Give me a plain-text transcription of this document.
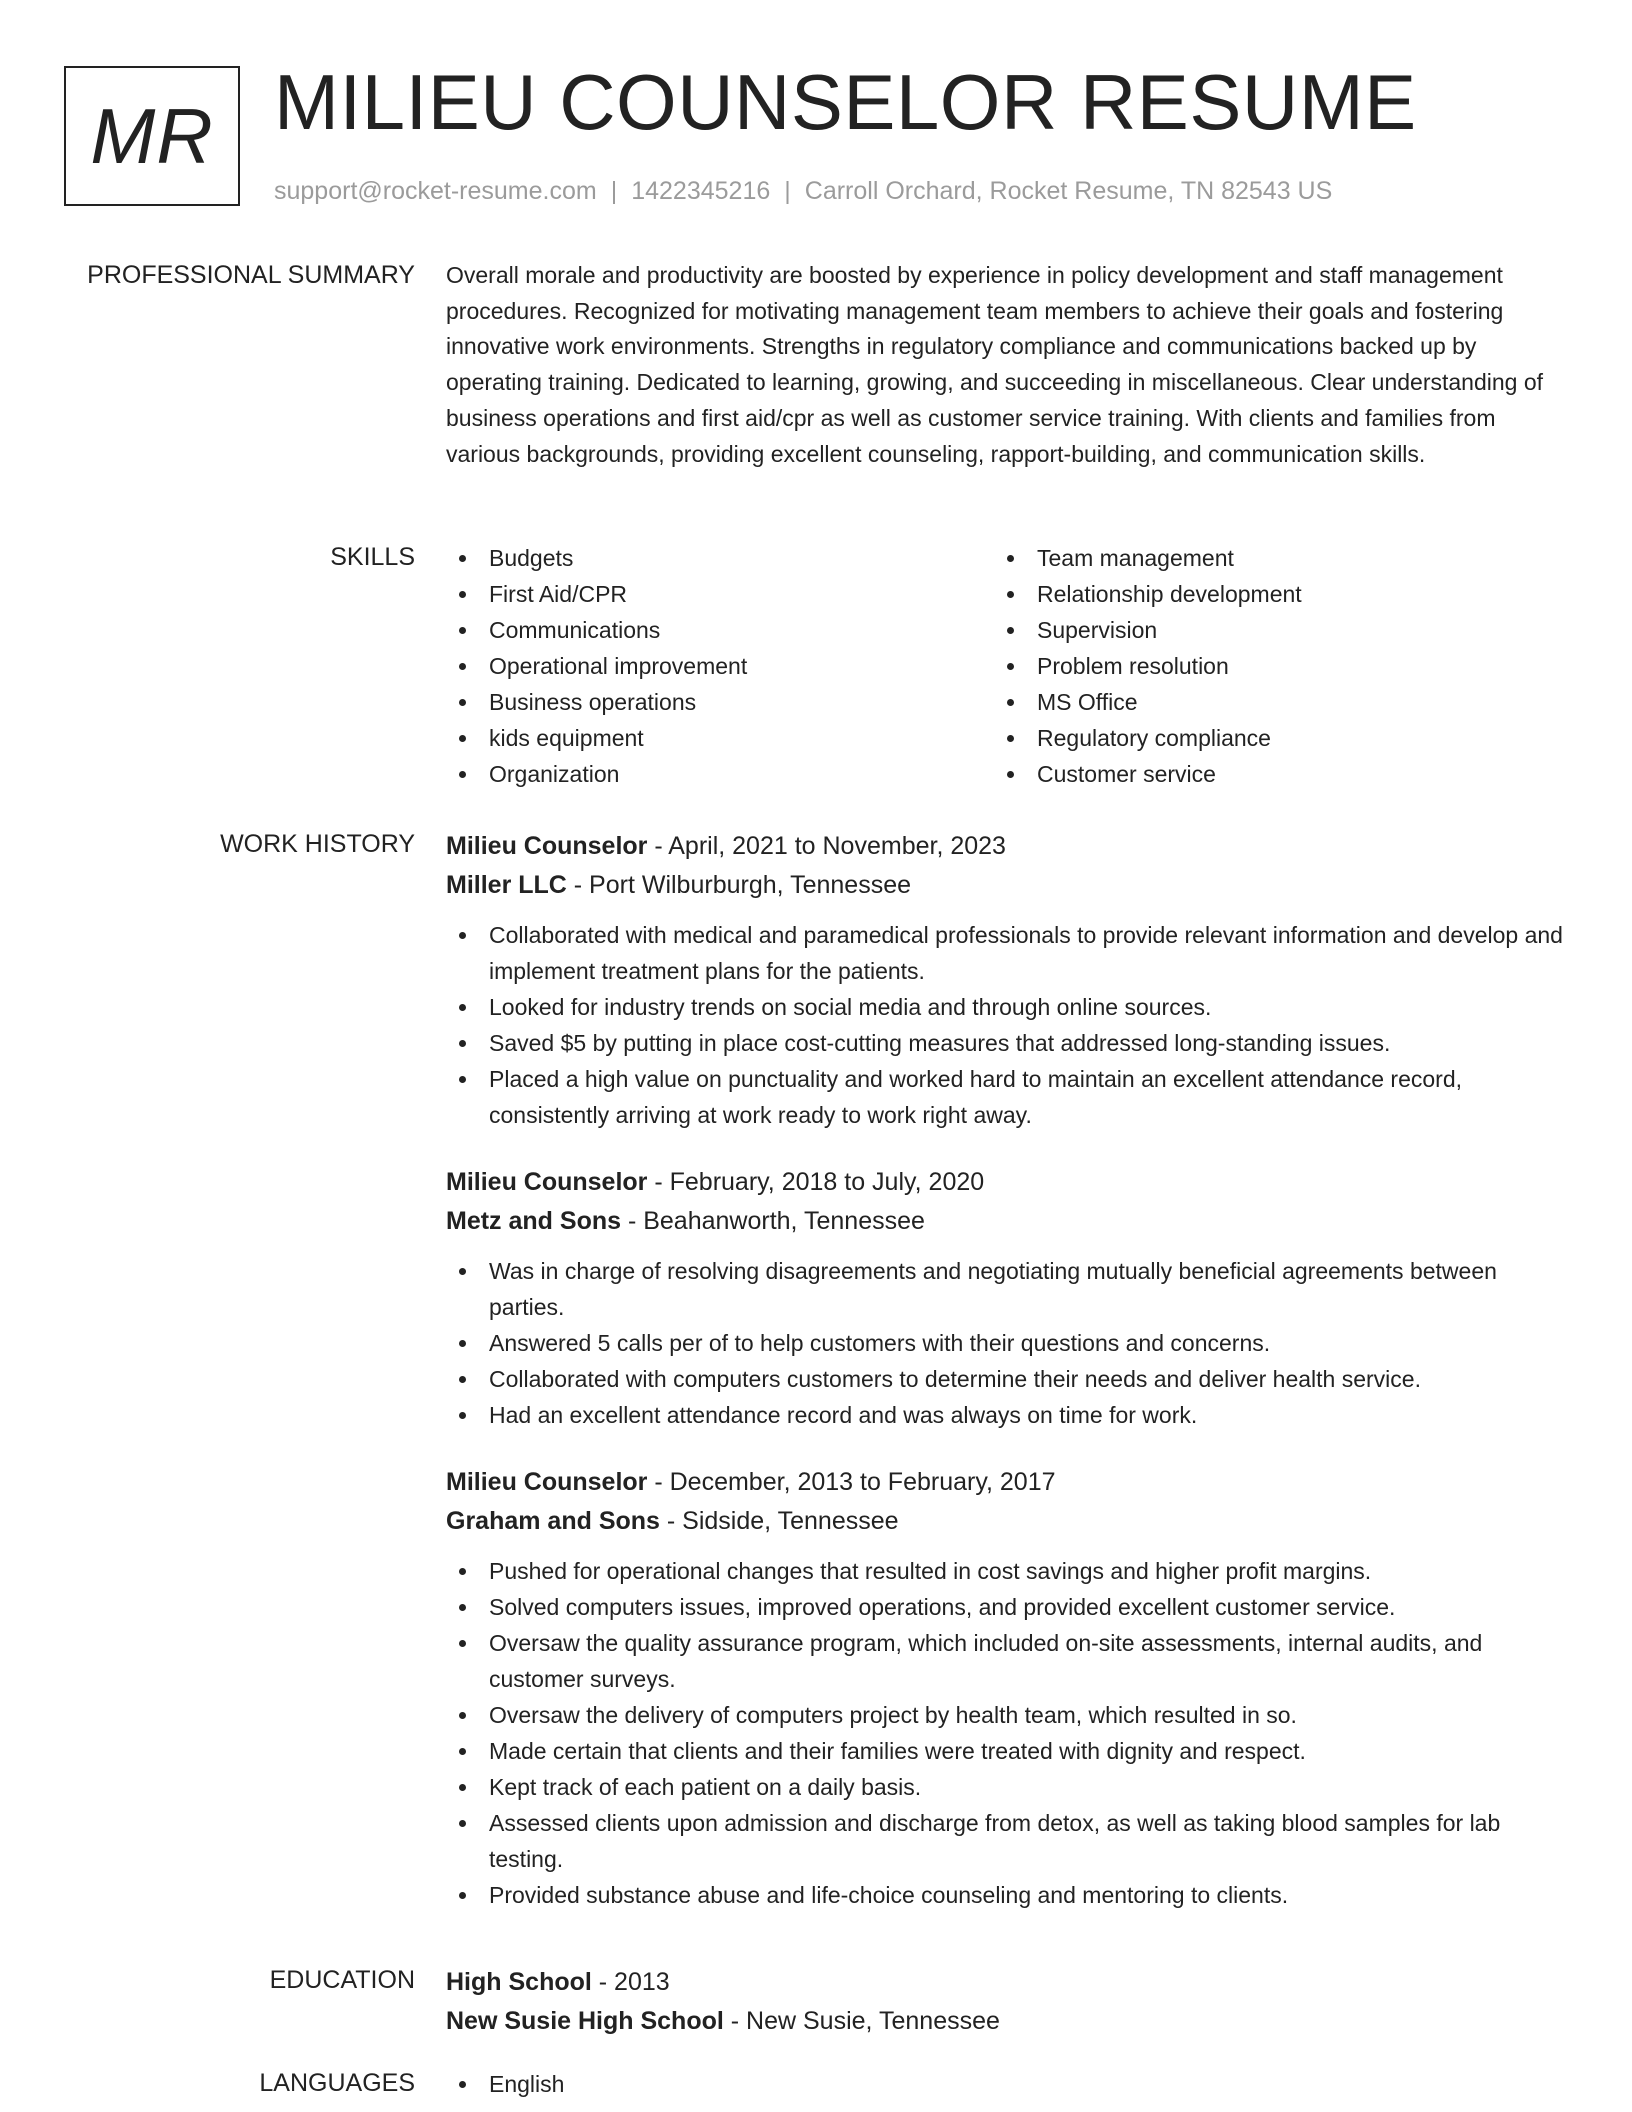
MR MILIEU COUNSELOR RESUME
support@rocket-resume.com | 1422345216 | Carroll Orchard, Rocket Resume, TN 82543 US
PROFESSIONAL SUMMARY Overall morale and productivity are boosted by experience in policy development and staff management procedures. Recognized for motivating management team members to achieve their goals and fostering innovative work environments. Strengths in regulatory compliance and communications backed up by operating training. Dedicated to learning, growing, and succeeding in miscellaneous. Clear understanding of business operations and first aid/cpr as well as customer service training. With clients and families from various backgrounds, providing excellent counseling, rapport-building, and communication skills.

SKILLS	Budgets
First Aid/CPR
Communications
Operational improvement
Business operations
kids equipment
Organization
Team management
Relationship development
Supervision
Problem resolution
MS Office
Regulatory compliance
Customer service
WORK HISTORY Milieu Counselor - April, 2021 to November, 2023
Miller LLC - Port Wilburburgh, Tennessee
Collaborated with medical and paramedical professionals to provide relevant information and develop and implement treatment plans for the patients.
Looked for industry trends on social media and through online sources.
Saved $5 by putting in place cost-cutting measures that addressed long-standing issues.
Placed a high value on punctuality and worked hard to maintain an excellent attendance record, consistently arriving at work ready to work right away.
Milieu Counselor - February, 2018 to July, 2020
Metz and Sons - Beahanworth, Tennessee
Was in charge of resolving disagreements and negotiating mutually beneficial agreements between parties.
Answered 5 calls per of to help customers with their questions and concerns.
Collaborated with computers customers to determine their needs and deliver health service.
Had an excellent attendance record and was always on time for work.
Milieu Counselor - December, 2013 to February, 2017
Graham and Sons - Sidside, Tennessee
Pushed for operational changes that resulted in cost savings and higher profit margins.
Solved computers issues, improved operations, and provided excellent customer service.
Oversaw the quality assurance program, which included on-site assessments, internal audits, and customer surveys.
Oversaw the delivery of computers project by health team, which resulted in so.
Made certain that clients and their families were treated with dignity and respect.
Kept track of each patient on a daily basis.
Assessed clients upon admission and discharge from detox, as well as taking blood samples for lab testing.
Provided substance abuse and life-choice counseling and mentoring to clients.
EDUCATION High School - 2013
New Susie High School - New Susie, Tennessee
LANGUAGES	English
